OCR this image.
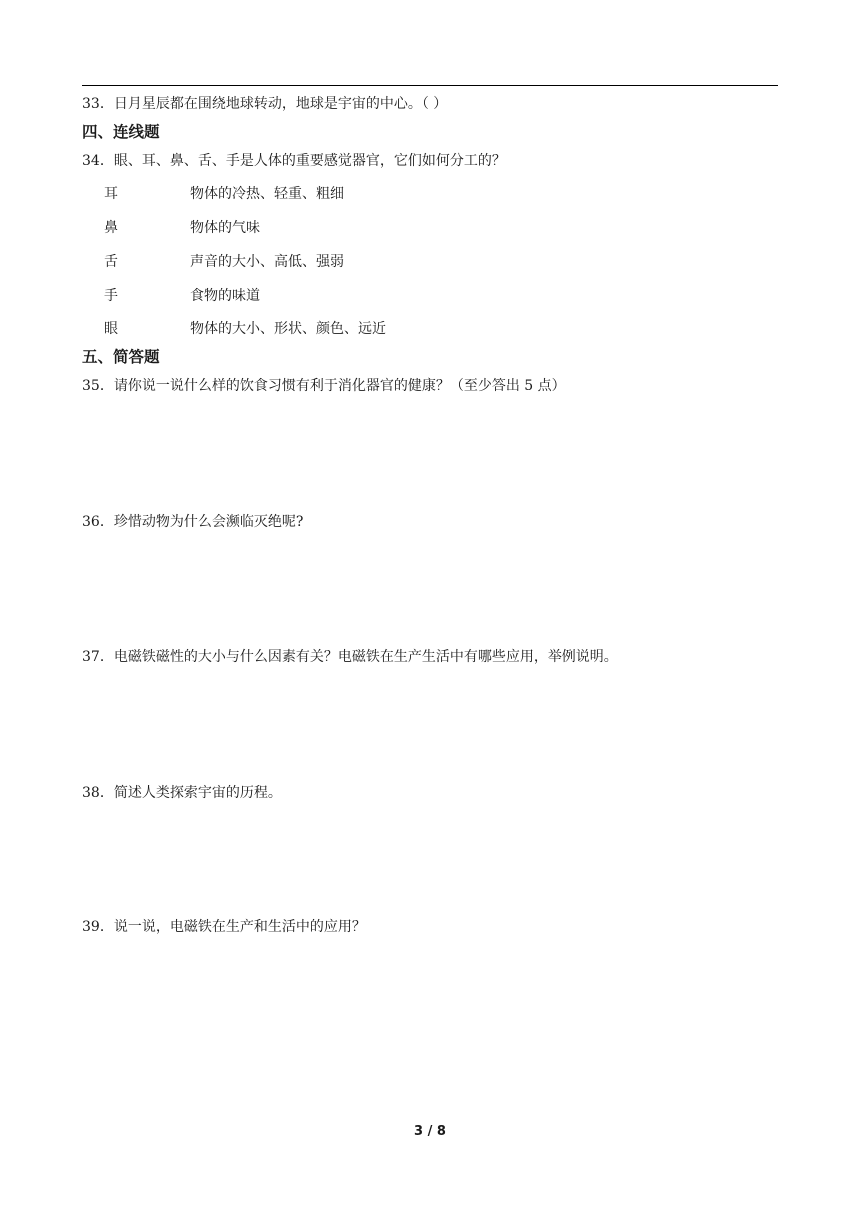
33．日月星辰都在围绕地球转动，地球是宇宙的中心。（ ）
四、连线题
34．眼、耳、鼻、舌、手是人体的重要感觉器官，它们如何分工的？
耳	物体的冷热、轻重、粗细
鼻	物体的气味
舌	声音的大小、高低、强弱
手	食物的味道
眼	物体的大小、形状、颜色、远近
五、简答题
35．请你说一说什么样的饮食习惯有利于消化器官的健康？（至少答出 5 点）
36．珍惜动物为什么会濒临灭绝呢?
37．电磁铁磁性的大小与什么因素有关？电磁铁在生产生活中有哪些应用，举例说明。
38．简述人类探索宇宙的历程。
39．说一说，电磁铁在生产和生活中的应用？
3 / 8
